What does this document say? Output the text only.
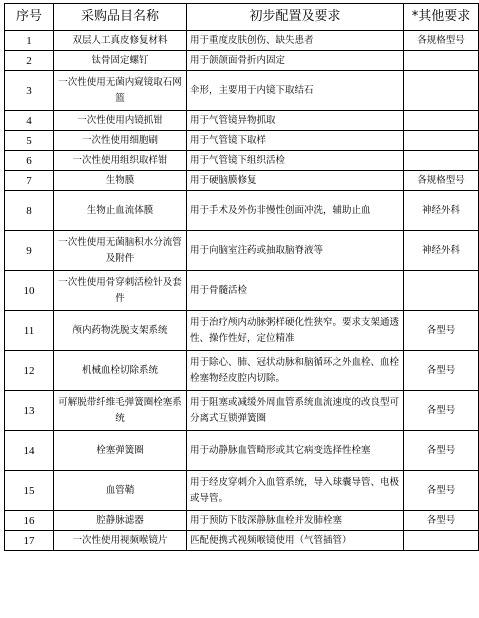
序号	采购品目名称	初步配置及要求	*其他要求
1	双层人工真皮修复材料	用于重度皮肤创伤、缺失患者	各规格型号
2	钛骨固定螺钉	用于颌颌面骨折内固定	
3	一次性使用无菌内窥镜取石网篮	伞形，主要用于内镜下取结石	
4	一次性使用内镜抓钳	用于气管镜异物抓取	
5	一次性使用细胞刷	用于气管镜下取样	
6	一次性使用组织取样钳	用于气管镜下组织活检	
7	生物膜	用于硬脑膜修复	各规格型号
8	生物止血流体膜	用于手术及外伤非慢性创面冲洗，辅助止血	神经外科
9	一次性使用无菌脑积水分流管及附件	用于向脑室注药或抽取脑脊液等	神经外科
10	一次性使用骨穿刺活检针及套件	用于骨髓活检	
11	颅内药物洗脱支架系统	用于治疗颅内动脉粥样硬化性狭窄。要求支架通透性、操作性好，定位精准	各型号
12	机械血栓切除系统	用于除心、肺、冠状动脉和脑循环之外血栓、血栓栓塞物经皮腔内切除。	各型号
13	可解脱带纤维毛弹簧圈栓塞系统	用于阻塞或减缓外周血管系统血流速度的改良型可分离式互锁弹簧圈	各型号
14	栓塞弹簧圈	用于动静脉血管畸形或其它病变选择性栓塞	各型号
15	血管鞘	用于经皮穿刺介入血管系统，导入球囊导管、电极或导管。	各型号
16	腔静脉滤器	用于预防下肢深静脉血栓并发肺栓塞	各型号
17	一次性使用视频喉镜片	匹配便携式视频喉镜使用（气管插管）	
